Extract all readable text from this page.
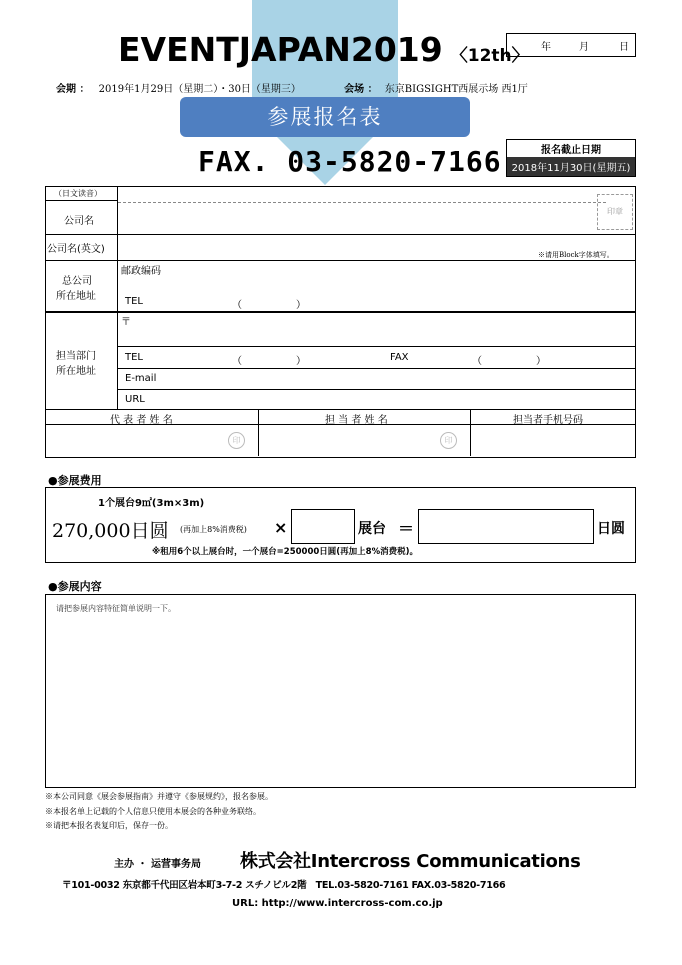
EVENTJAPAN2019 〈12th〉 年	月	日
会期 ： 2019年1月29日（星期二）・30日（星期三）	会场 ： 东京BIGSIGHT西展示场 西1厅
参展报名表
FAX. 03-5820-7166	报名截止日期
2018年11月30日(星期五)
（日文读音）
公司名
印章
公司名(英文)	※请用Block字体填写。
总公司
所在地址
邮政编码
TEL	（	）
担当部门
所在地址
〒
TEL	（	）	FAX	（	）
E-mail
URL
代 表 者 姓 名	担 当 者 姓 名	担当者手机号码
印	印
●参展费用
1个展台9㎡(3m×3m)
270,000日圆 (再加上8%消费税) ×	展台 ＝	日圆
※租用6个以上展台时，一个展台=250000日圆(再加上8%消费税)。
●参展内容
请把参展内容特征简单说明一下。
※本公司同意《展会参展指南》并遵守《参展规约》，报名参展。
※本报名单上记载的个人信息只使用本展会的各种业务联络。
※请把本报名表复印后，保存一份。
主办 ・ 运营事务局 株式会社Intercross Communications
〒101-0032 东京都千代田区岩本町3-7-2 スチノビル2階　TEL.03-5820-7161 FAX.03-5820-7166
URL: http://www.intercross-com.co.jp
